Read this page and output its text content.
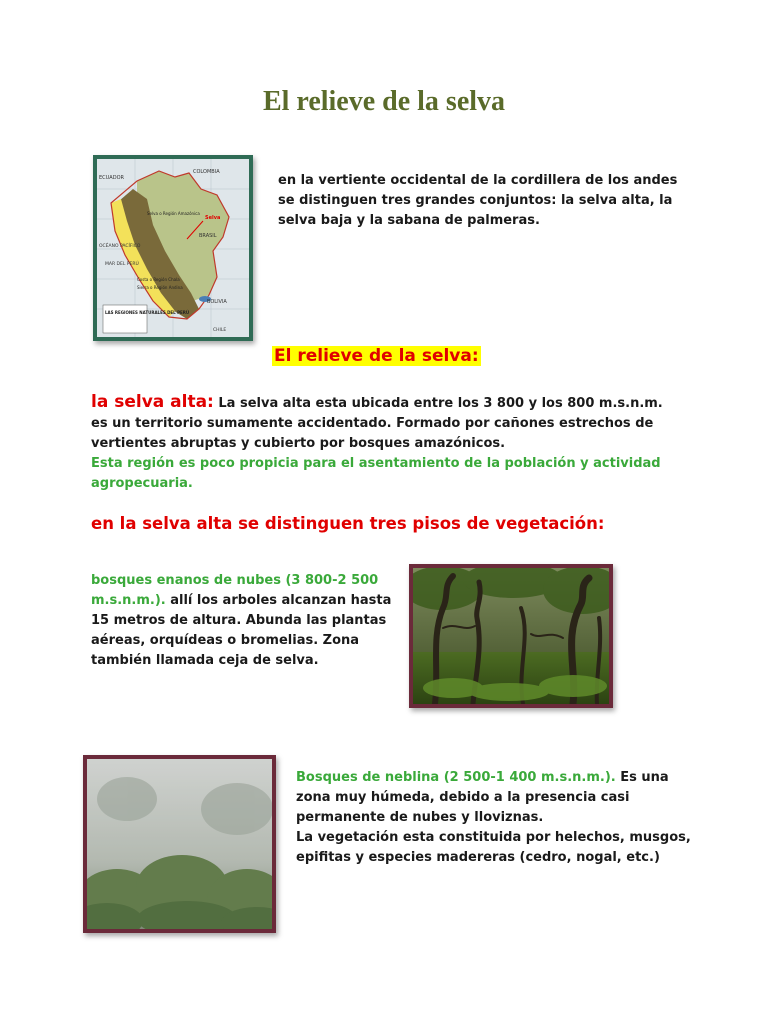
El relieve de la selva
ECUADOR
COLOMBIA
Selva o Región Amazónica
Selva
BRASIL
OCÉANO PACÍFICO
MAR DEL PERÚ
Costa o Región Chala
Sierra o Región Andina
BOLIVIA
LAS REGIONES NATURALES DEL PERÚ
CHILE
en la vertiente occidental de la cordillera de los andes se distinguen tres grandes conjuntos: la selva alta, la selva baja y la sabana de palmeras.
El relieve de la selva:
la selva alta: La selva alta esta ubicada entre los 3 800 y los 800 m.s.n.m. es un territorio sumamente accidentado. Formado por cañones estrechos de vertientes abruptas y cubierto por bosques amazónicos.
Esta región es poco propicia para el asentamiento de la población y actividad agropecuaria.
en la selva alta se distinguen tres pisos de vegetación:
bosques enanos de nubes (3 800-2 500 m.s.n.m.). allí los arboles alcanzan hasta 15 metros de altura. Abunda las plantas aéreas, orquídeas o bromelias. Zona también llamada ceja de selva.
Bosques de neblina (2 500-1 400 m.s.n.m.). Es una zona muy húmeda, debido a la presencia casi permanente de nubes y lloviznas.
La vegetación esta constituida por helechos, musgos, epifitas y especies madereras (cedro, nogal, etc.)
